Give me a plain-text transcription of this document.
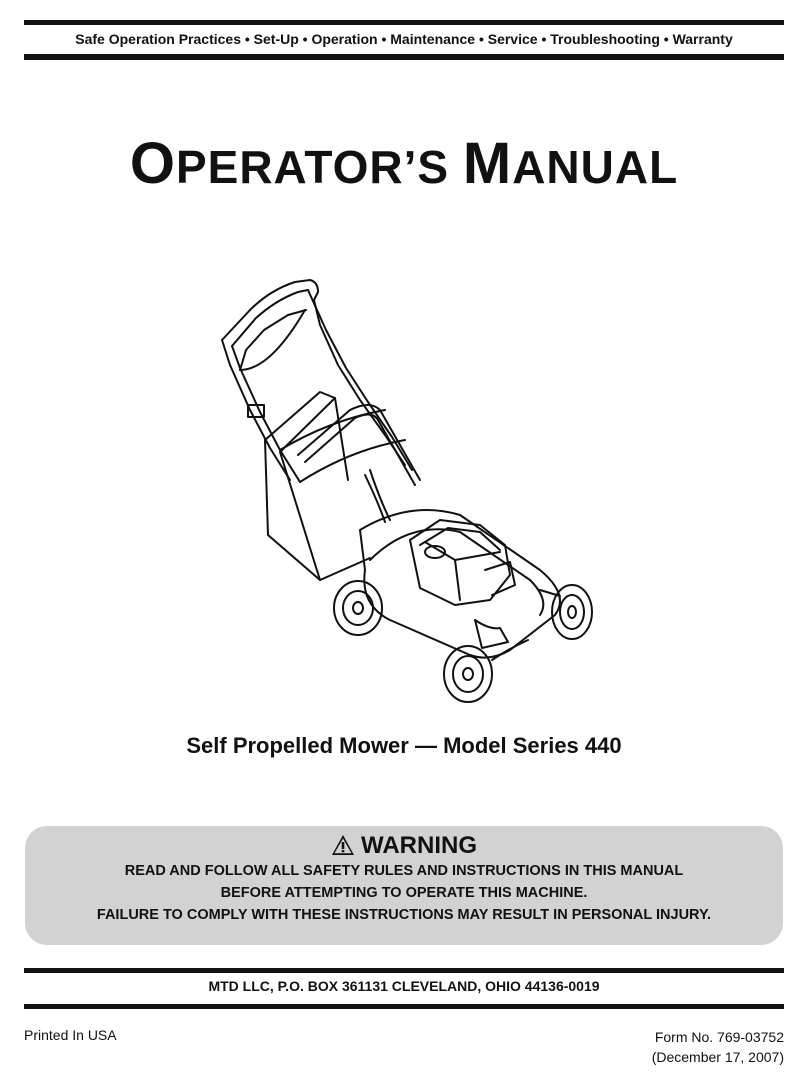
Safe Operation Practices • Set-Up • Operation • Maintenance • Service • Troubleshooting • Warranty
OPERATOR’S MANUAL
Self Propelled Mower — Model Series 440
WARNING
READ AND FOLLOW ALL SAFETY RULES AND INSTRUCTIONS IN THIS MANUAL
BEFORE ATTEMPTING TO OPERATE THIS MACHINE.
FAILURE TO COMPLY WITH THESE INSTRUCTIONS MAY RESULT IN PERSONAL INJURY.
MTD LLC, P.O. BOX 361131 CLEVELAND, OHIO 44136-0019
Printed In USA	Form No. 769-03752
(December 17, 2007)
